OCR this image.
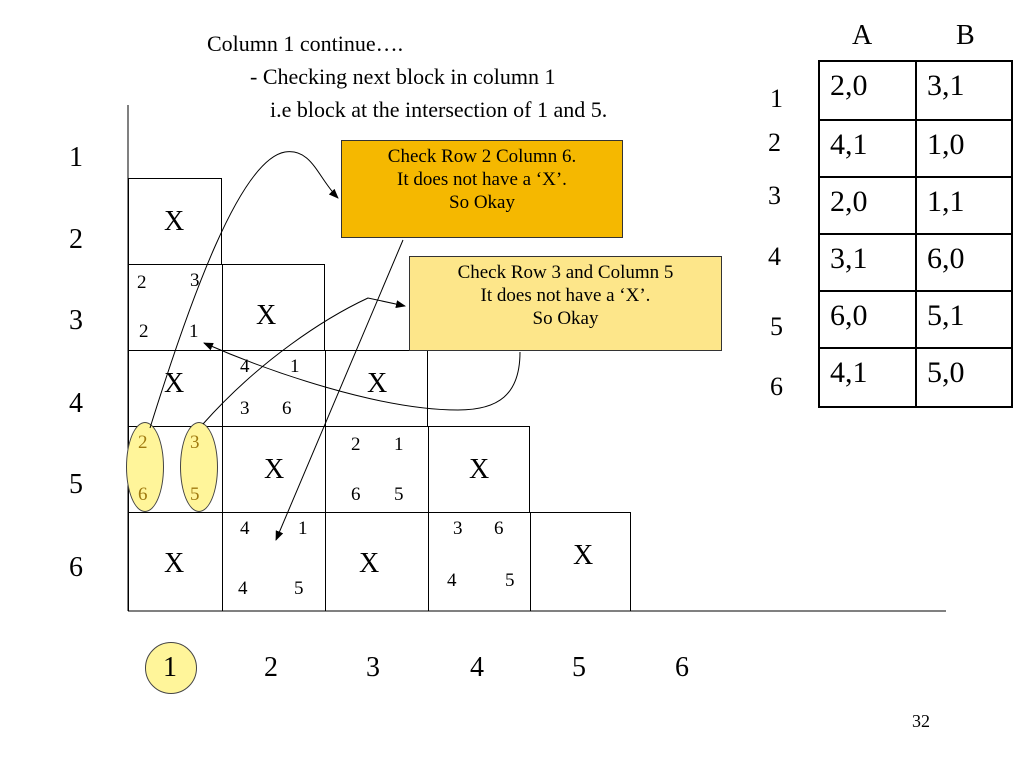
Column 1 continue….
- Checking next block in column 1
i.e block at the intersection of 1 and 5.
X
X
X	X
X	X
X	X	X
2 3
2 1
4 1
3 6
2 3
6 5
2 1
6 5
4	1
4 5
3 6
4	5
1
2
3
4
5
6
1	2	3	4	5	6
Check Row 2 Column 6.
It does not have a ‘X’.
So Okay
Check Row 3 and Column 5
It does not have a ‘X’.
So Okay
A	B
1
2
3
4
5
6
2,0	3,1
4,1	1,0
2,0	1,1
3,1	6,0
6,0	5,1
4,1	5,0
32
